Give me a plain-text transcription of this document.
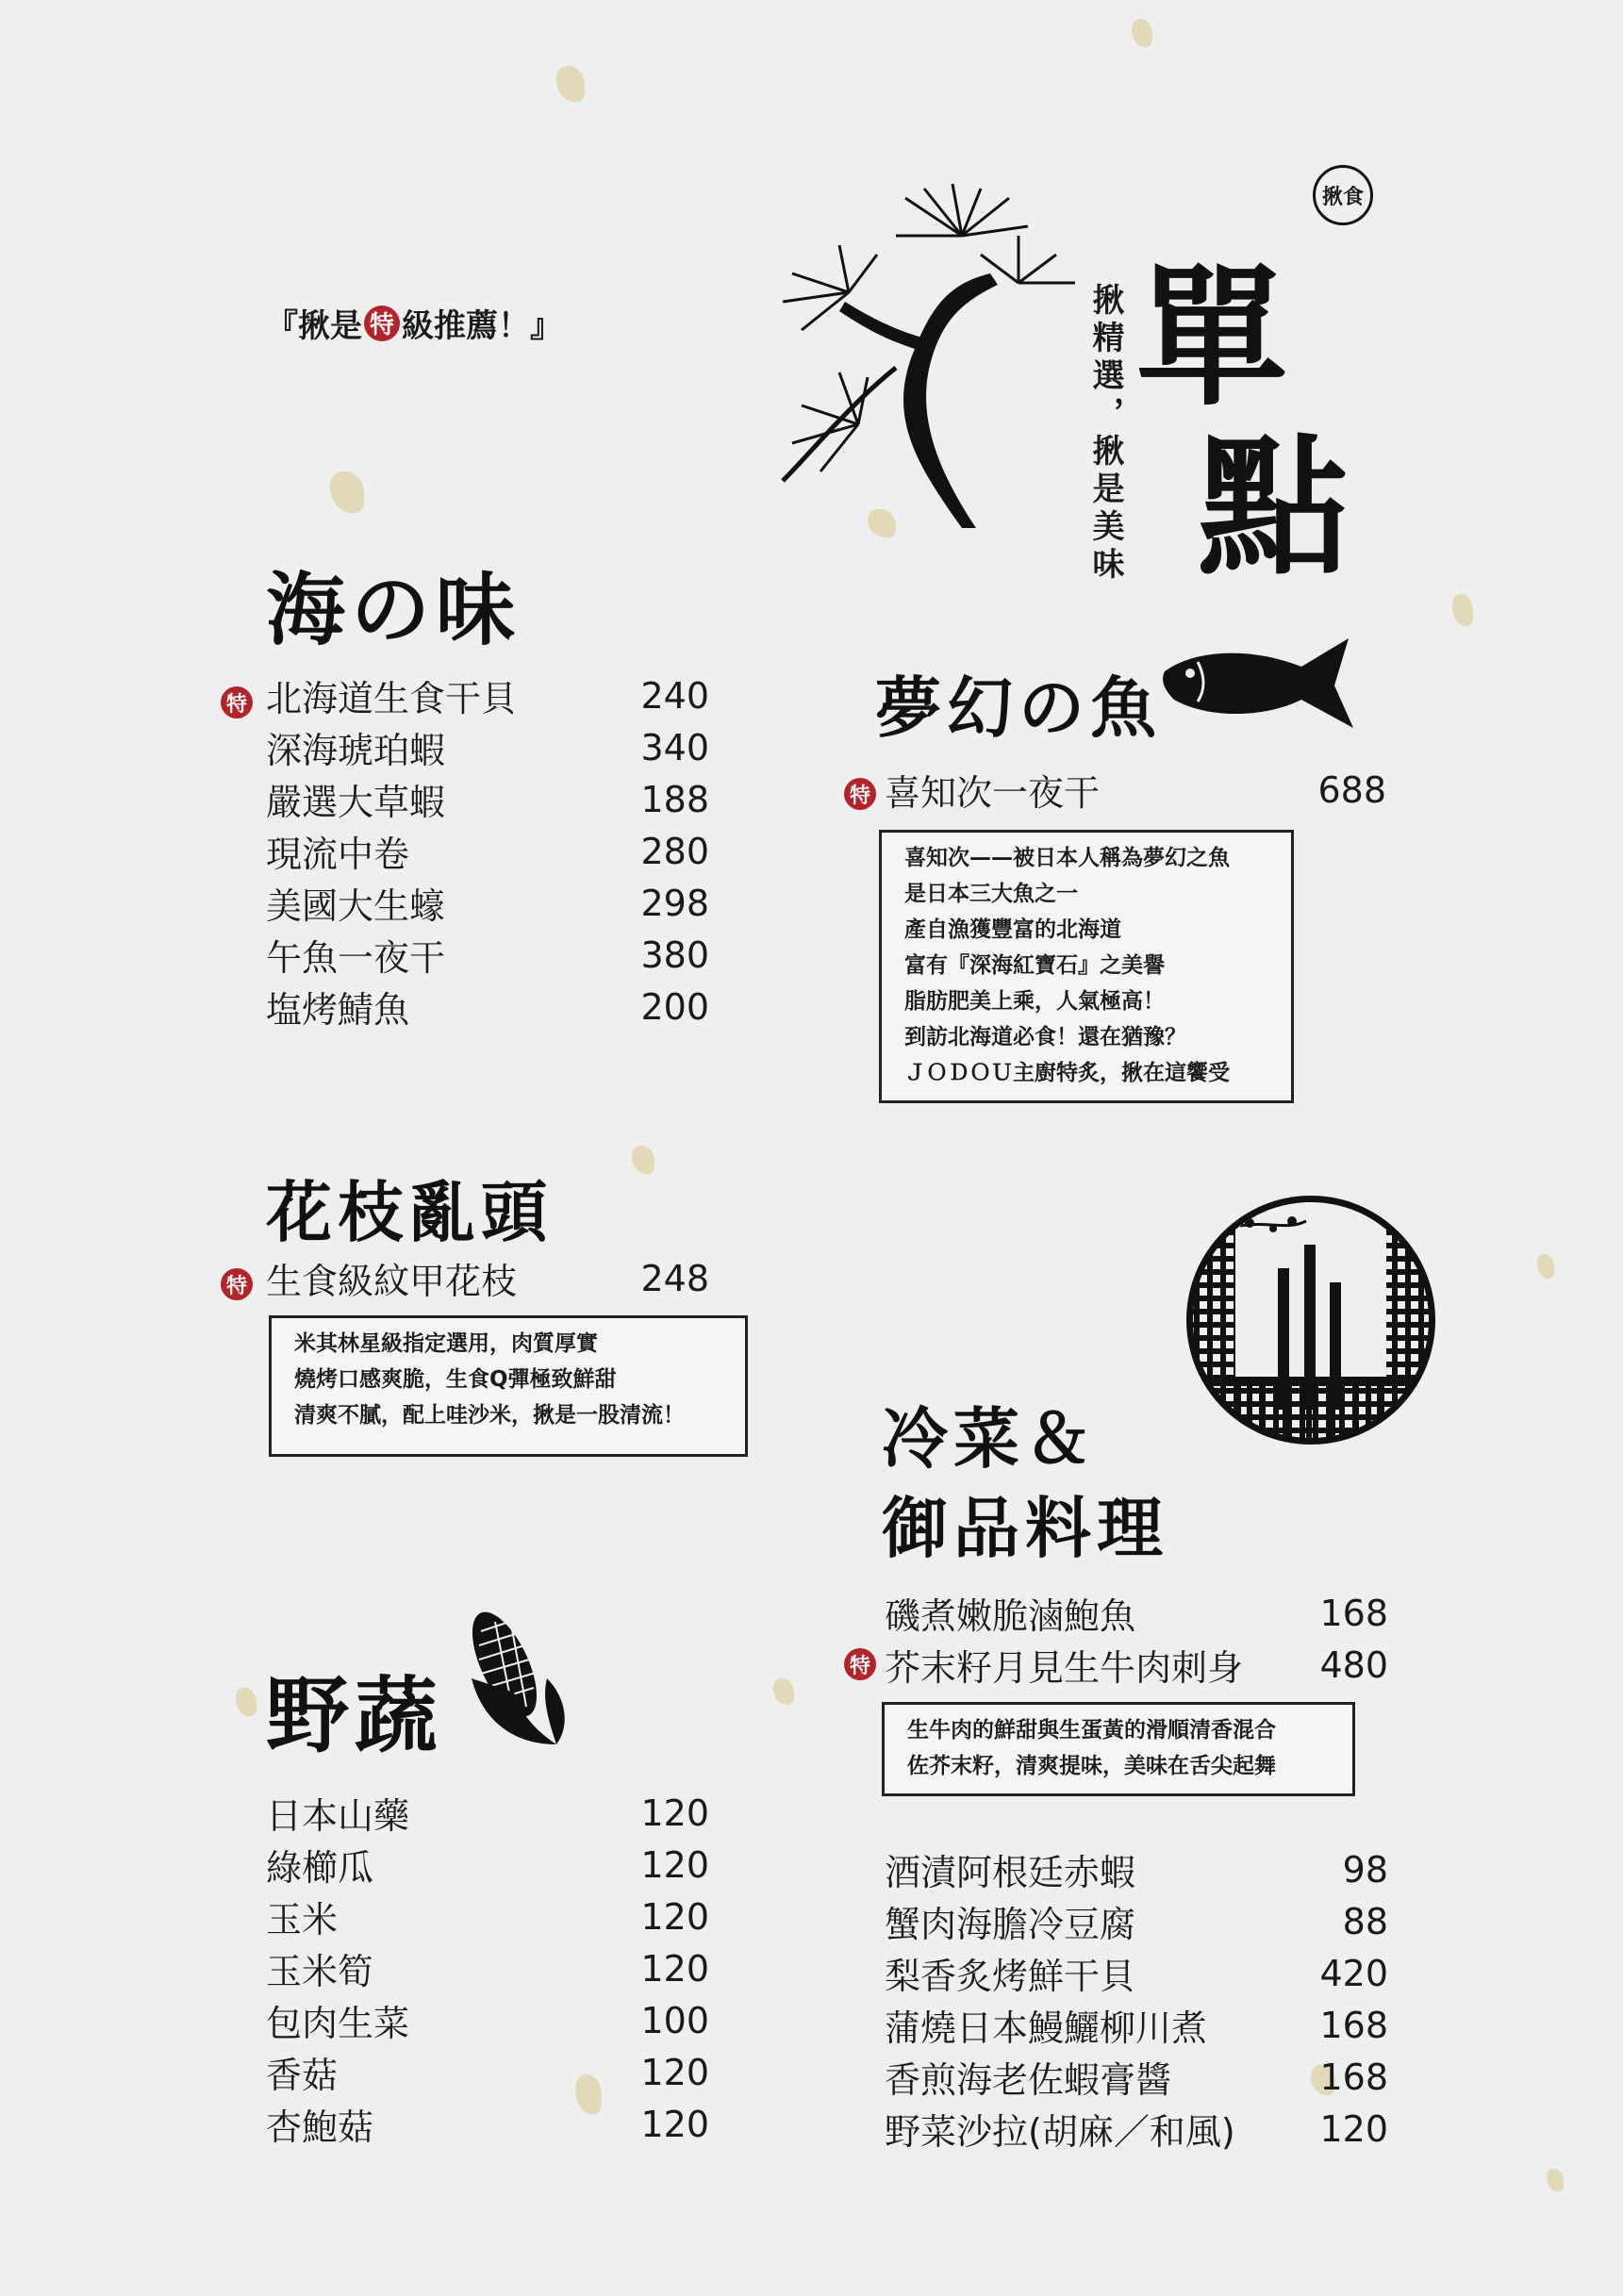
『揪是 特 級推薦！』	揪精選，揪是美味 單
點
揪食
海の味
特 北海道生食干貝	240
深海琥珀蝦	340
嚴選大草蝦	188
現流中卷	280
美國大生蠔	298
午魚一夜干	380
塩烤鯖魚	200
夢幻の魚
特 喜知次一夜干	688
喜知次——被日本人稱為夢幻之魚
是日本三大魚之一
產自漁獲豐富的北海道
富有『深海紅寶石』之美譽
脂肪肥美上乘，人氣極高！
到訪北海道必食！還在猶豫？
ＪＯＤＯＵ主廚特炙，揪在這饗受
花枝亂頭
特 生食級紋甲花枝	248
米其林星級指定選用，肉質厚實
燒烤口感爽脆，生食Q彈極致鮮甜
清爽不膩，配上哇沙米，揪是一股清流！	冷菜＆
御品料理
磯煮嫩脆滷鮑魚	168
特 芥末籽月見生牛肉刺身 480
生牛肉的鮮甜與生蛋黃的滑順清香混合
佐芥末籽，清爽提味，美味在舌尖起舞
酒漬阿根廷赤蝦	98
蟹肉海膽冷豆腐	88
梨香炙烤鮮干貝	420
蒲燒日本鰻鱺柳川煮	168
香煎海老佐蝦膏醬	168
野菜沙拉(胡麻／和風) 120
野蔬
日本山藥	120
綠櫛瓜	120
玉米	120
玉米筍	120
包肉生菜	100
香菇	120
杏鮑菇	120
